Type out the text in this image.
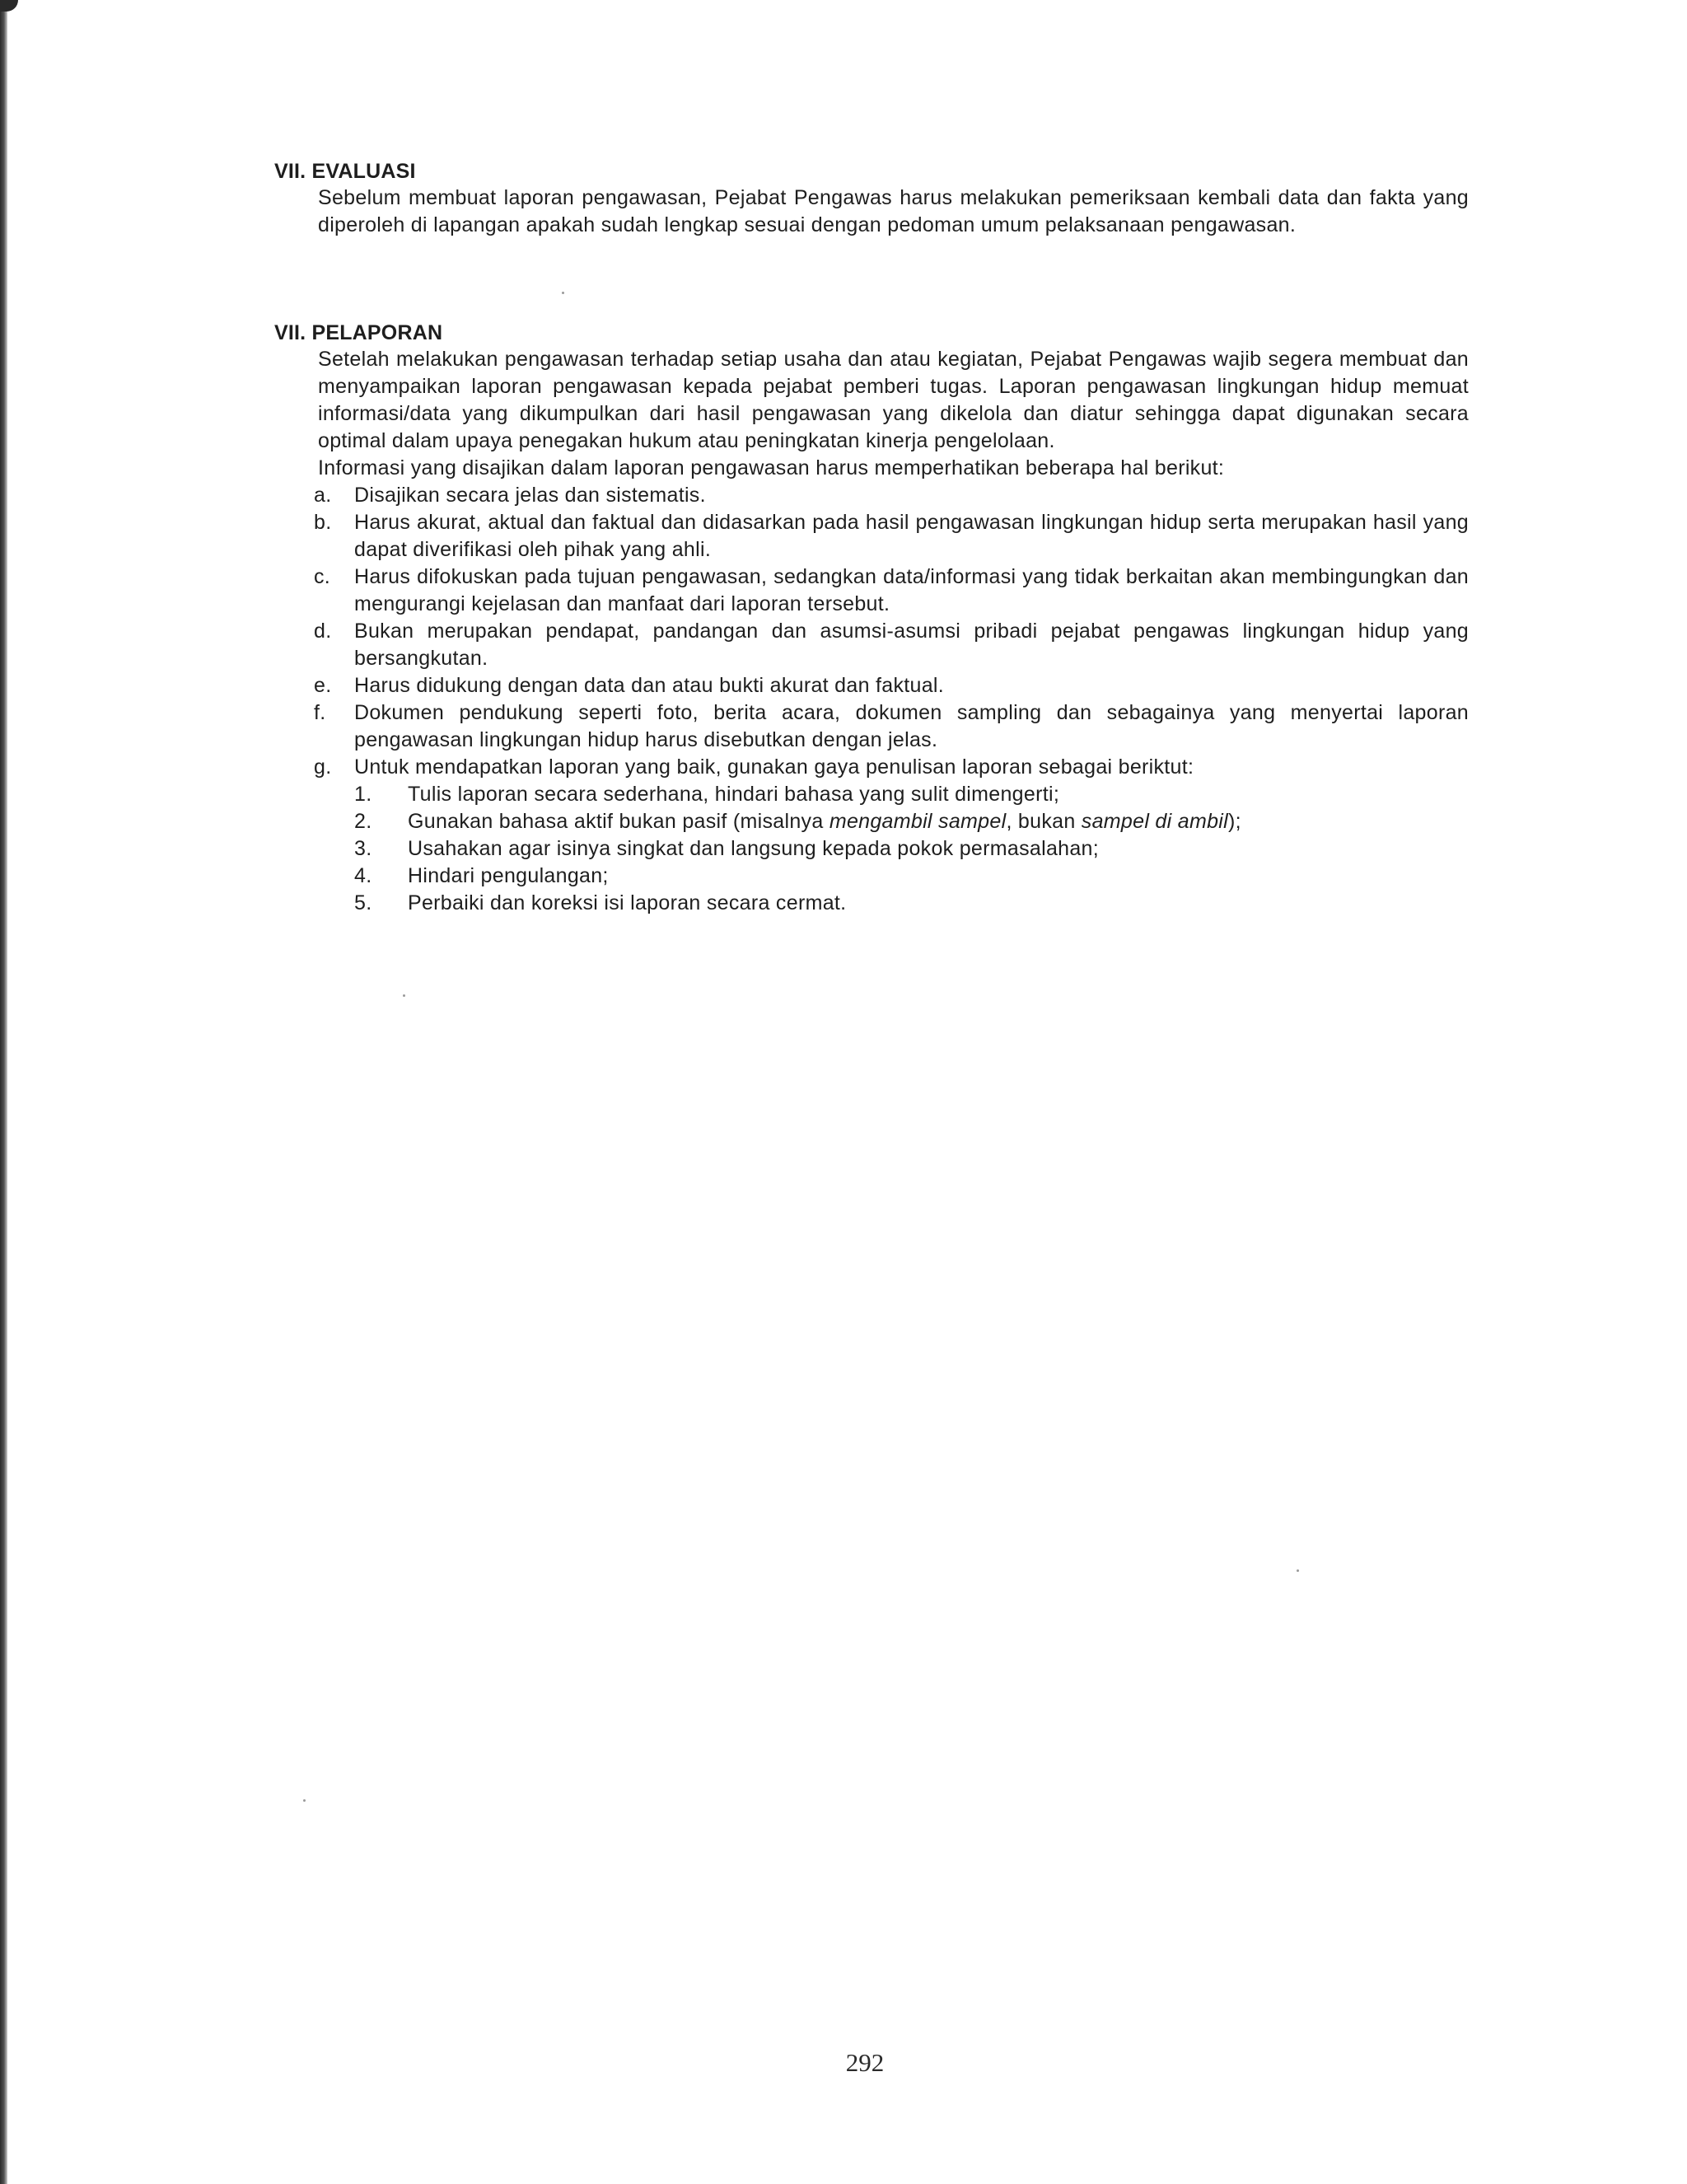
VII. EVALUASI

Sebelum membuat laporan pengawasan, Pejabat Pengawas harus melakukan pemeriksaan kembali data dan fakta yang diperoleh di lapangan apakah sudah lengkap sesuai dengan pedoman umum pelaksanaan pengawasan.

VII. PELAPORAN

Setelah melakukan pengawasan terhadap setiap usaha dan atau kegiatan, Pejabat Pengawas wajib segera membuat dan menyampaikan laporan pengawasan kepada pejabat pemberi tugas. Laporan pengawasan lingkungan hidup memuat informasi/data yang dikumpulkan dari hasil pengawasan yang dikelola dan diatur sehingga dapat digunakan secara optimal dalam upaya penegakan hukum atau peningkatan kinerja pengelolaan.

Informasi yang disajikan dalam laporan pengawasan harus memperhatikan beberapa hal berikut:

a. Disajikan secara jelas dan sistematis.
b. Harus akurat, aktual dan faktual dan didasarkan pada hasil pengawasan lingkungan hidup serta merupakan hasil yang dapat diverifikasi oleh pihak yang ahli.
c. Harus difokuskan pada tujuan pengawasan, sedangkan data/informasi yang tidak berkaitan akan membingungkan dan mengurangi kejelasan dan manfaat dari laporan tersebut.
d. Bukan merupakan pendapat, pandangan dan asumsi-asumsi pribadi pejabat pengawas lingkungan hidup yang bersangkutan.
e. Harus didukung dengan data dan atau bukti akurat dan faktual.
f. Dokumen pendukung seperti foto, berita acara, dokumen sampling dan sebagainya yang menyertai laporan pengawasan lingkungan hidup harus disebutkan dengan jelas.
g. Untuk mendapatkan laporan yang baik, gunakan gaya penulisan laporan sebagai beriktut:
1. Tulis laporan secara sederhana, hindari bahasa yang sulit dimengerti;
2. Gunakan bahasa aktif bukan pasif (misalnya mengambil sampel, bukan sampel di ambil);
3. Usahakan agar isinya singkat dan langsung kepada pokok permasalahan;
4. Hindari pengulangan;
5. Perbaiki dan koreksi isi laporan secara cermat.
292
